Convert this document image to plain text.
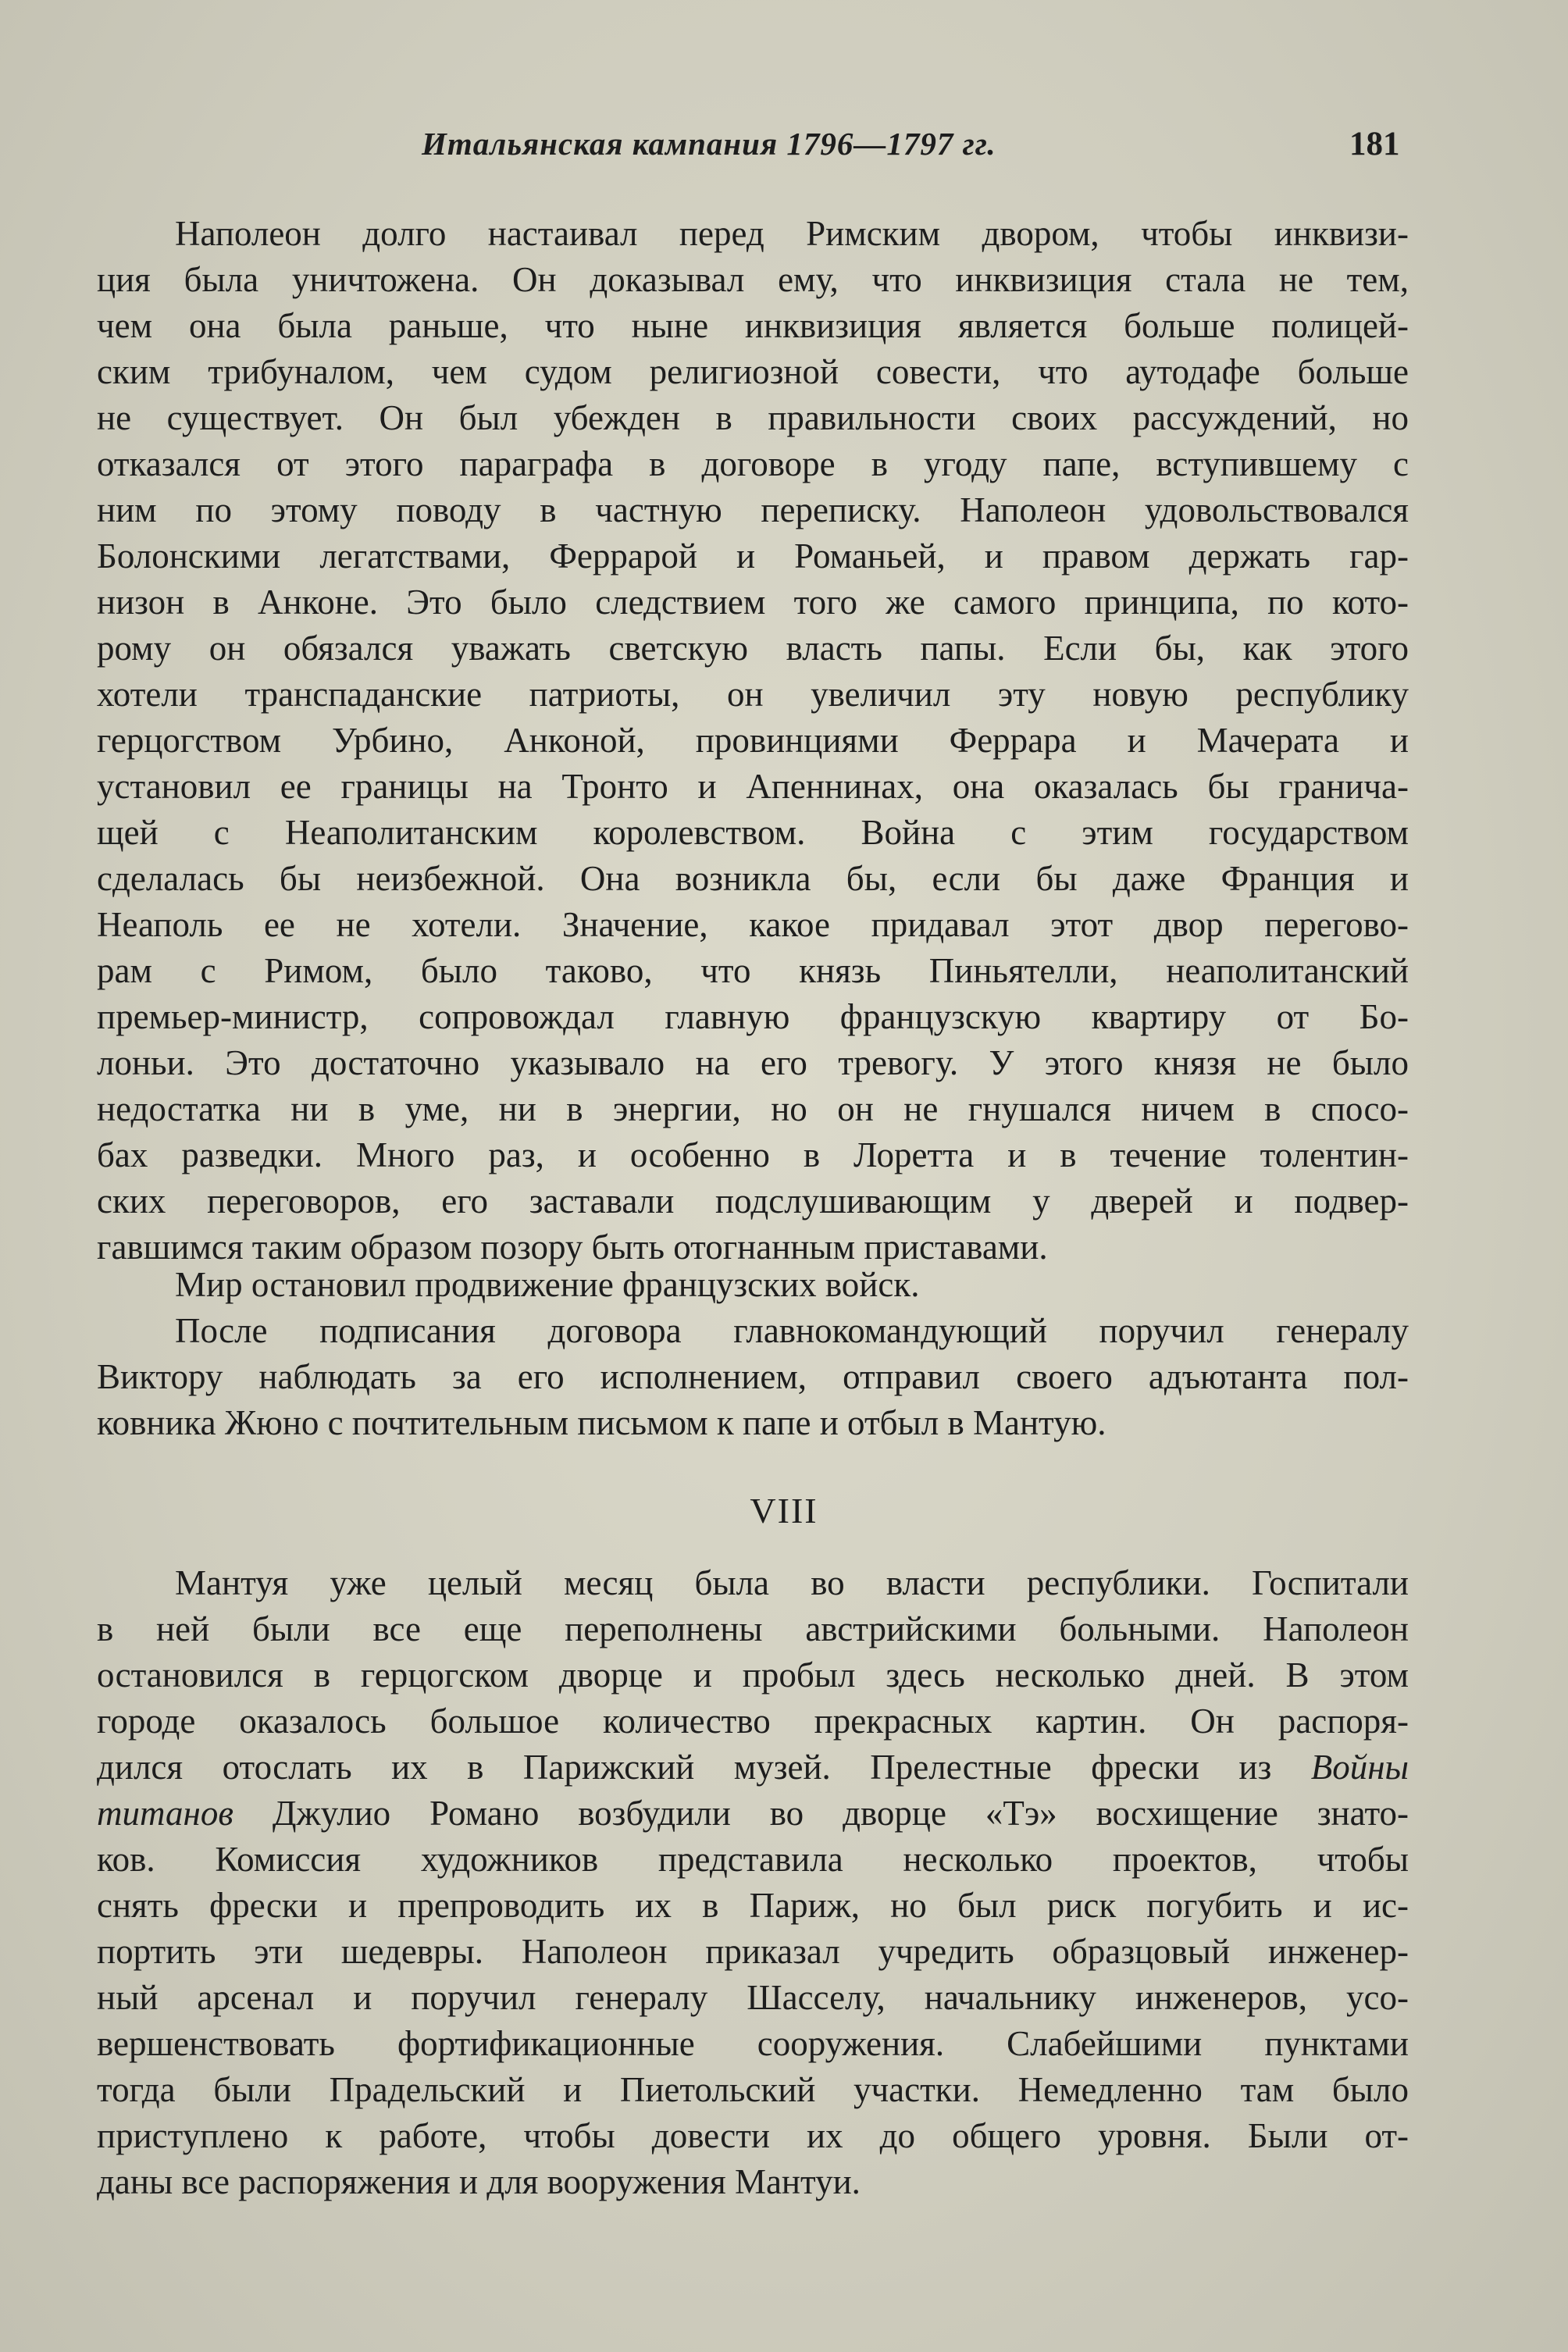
Итальянская кампания 1796—1797 гг.	181
Наполеон долго настаивал перед Римским двором, чтобы инквизи-
ция была уничтожена. Он доказывал ему, что инквизиция стала не тем,
чем она была раньше, что ныне инквизиция является больше полицей-
ским трибуналом, чем судом религиозной совести, что аутодафе больше
не существует. Он был убежден в правильности своих рассуждений, но
отказался от этого параграфа в договоре в угоду папе, вступившему с
ним по этому поводу в частную переписку. Наполеон удовольствовался
Болонскими легатствами, Феррарой и Романьей, и правом держать гар-
низон в Анконе. Это было следствием того же самого принципа, по кото-
рому он обязался уважать светскую власть папы. Если бы, как этого
хотели транспаданские патриоты, он увеличил эту новую республику
герцогством Урбино, Анконой, провинциями Феррара и Мачерата и
установил ее границы на Тронто и Апеннинах, она оказалась бы гранича-
щей с Неаполитанским королевством. Война с этим государством
сделалась бы неизбежной. Она возникла бы, если бы даже Франция и
Неаполь ее не хотели. Значение, какое придавал этот двор перегово-
рам с Римом, было таково, что князь Пиньятелли, неаполитанский
премьер-министр, сопровождал главную французскую квартиру от Бо-
лоньи. Это достаточно указывало на его тревогу. У этого князя не было
недостатка ни в уме, ни в энергии, но он не гнушался ничем в спосо-
бах разведки. Много раз, и особенно в Лоретта и в течение толентин-
ских переговоров, его заставали подслушивающим у дверей и подвер-
гавшимся таким образом позору быть отогнанным приставами.
Мир остановил продвижение французских войск.
После подписания договора главнокомандующий поручил генералу
Виктору наблюдать за его исполнением, отправил своего адъютанта пол-
ковника Жюно с почтительным письмом к папе и отбыл в Мантую.
VIII
Мантуя уже целый месяц была во власти республики. Госпитали
в ней были все еще переполнены австрийскими больными. Наполеон
остановился в герцогском дворце и пробыл здесь несколько дней. В этом
городе оказалось большое количество прекрасных картин. Он распоря-
дился отослать их в Парижский музей. Прелестные фрески из Войны
титанов Джулио Романо возбудили во дворце «Тэ» восхищение знато-
ков. Комиссия художников представила несколько проектов, чтобы
снять фрески и препроводить их в Париж, но был риск погубить и ис-
портить эти шедевры. Наполеон приказал учредить образцовый инженер-
ный арсенал и поручил генералу Шасселу, начальнику инженеров, усо-
вершенствовать фортификационные сооружения. Слабейшими пунктами
тогда были Прадельский и Пиетольский участки. Немедленно там было
приступлено к работе, чтобы довести их до общего уровня. Были от-
даны все распоряжения и для вооружения Мантуи.
